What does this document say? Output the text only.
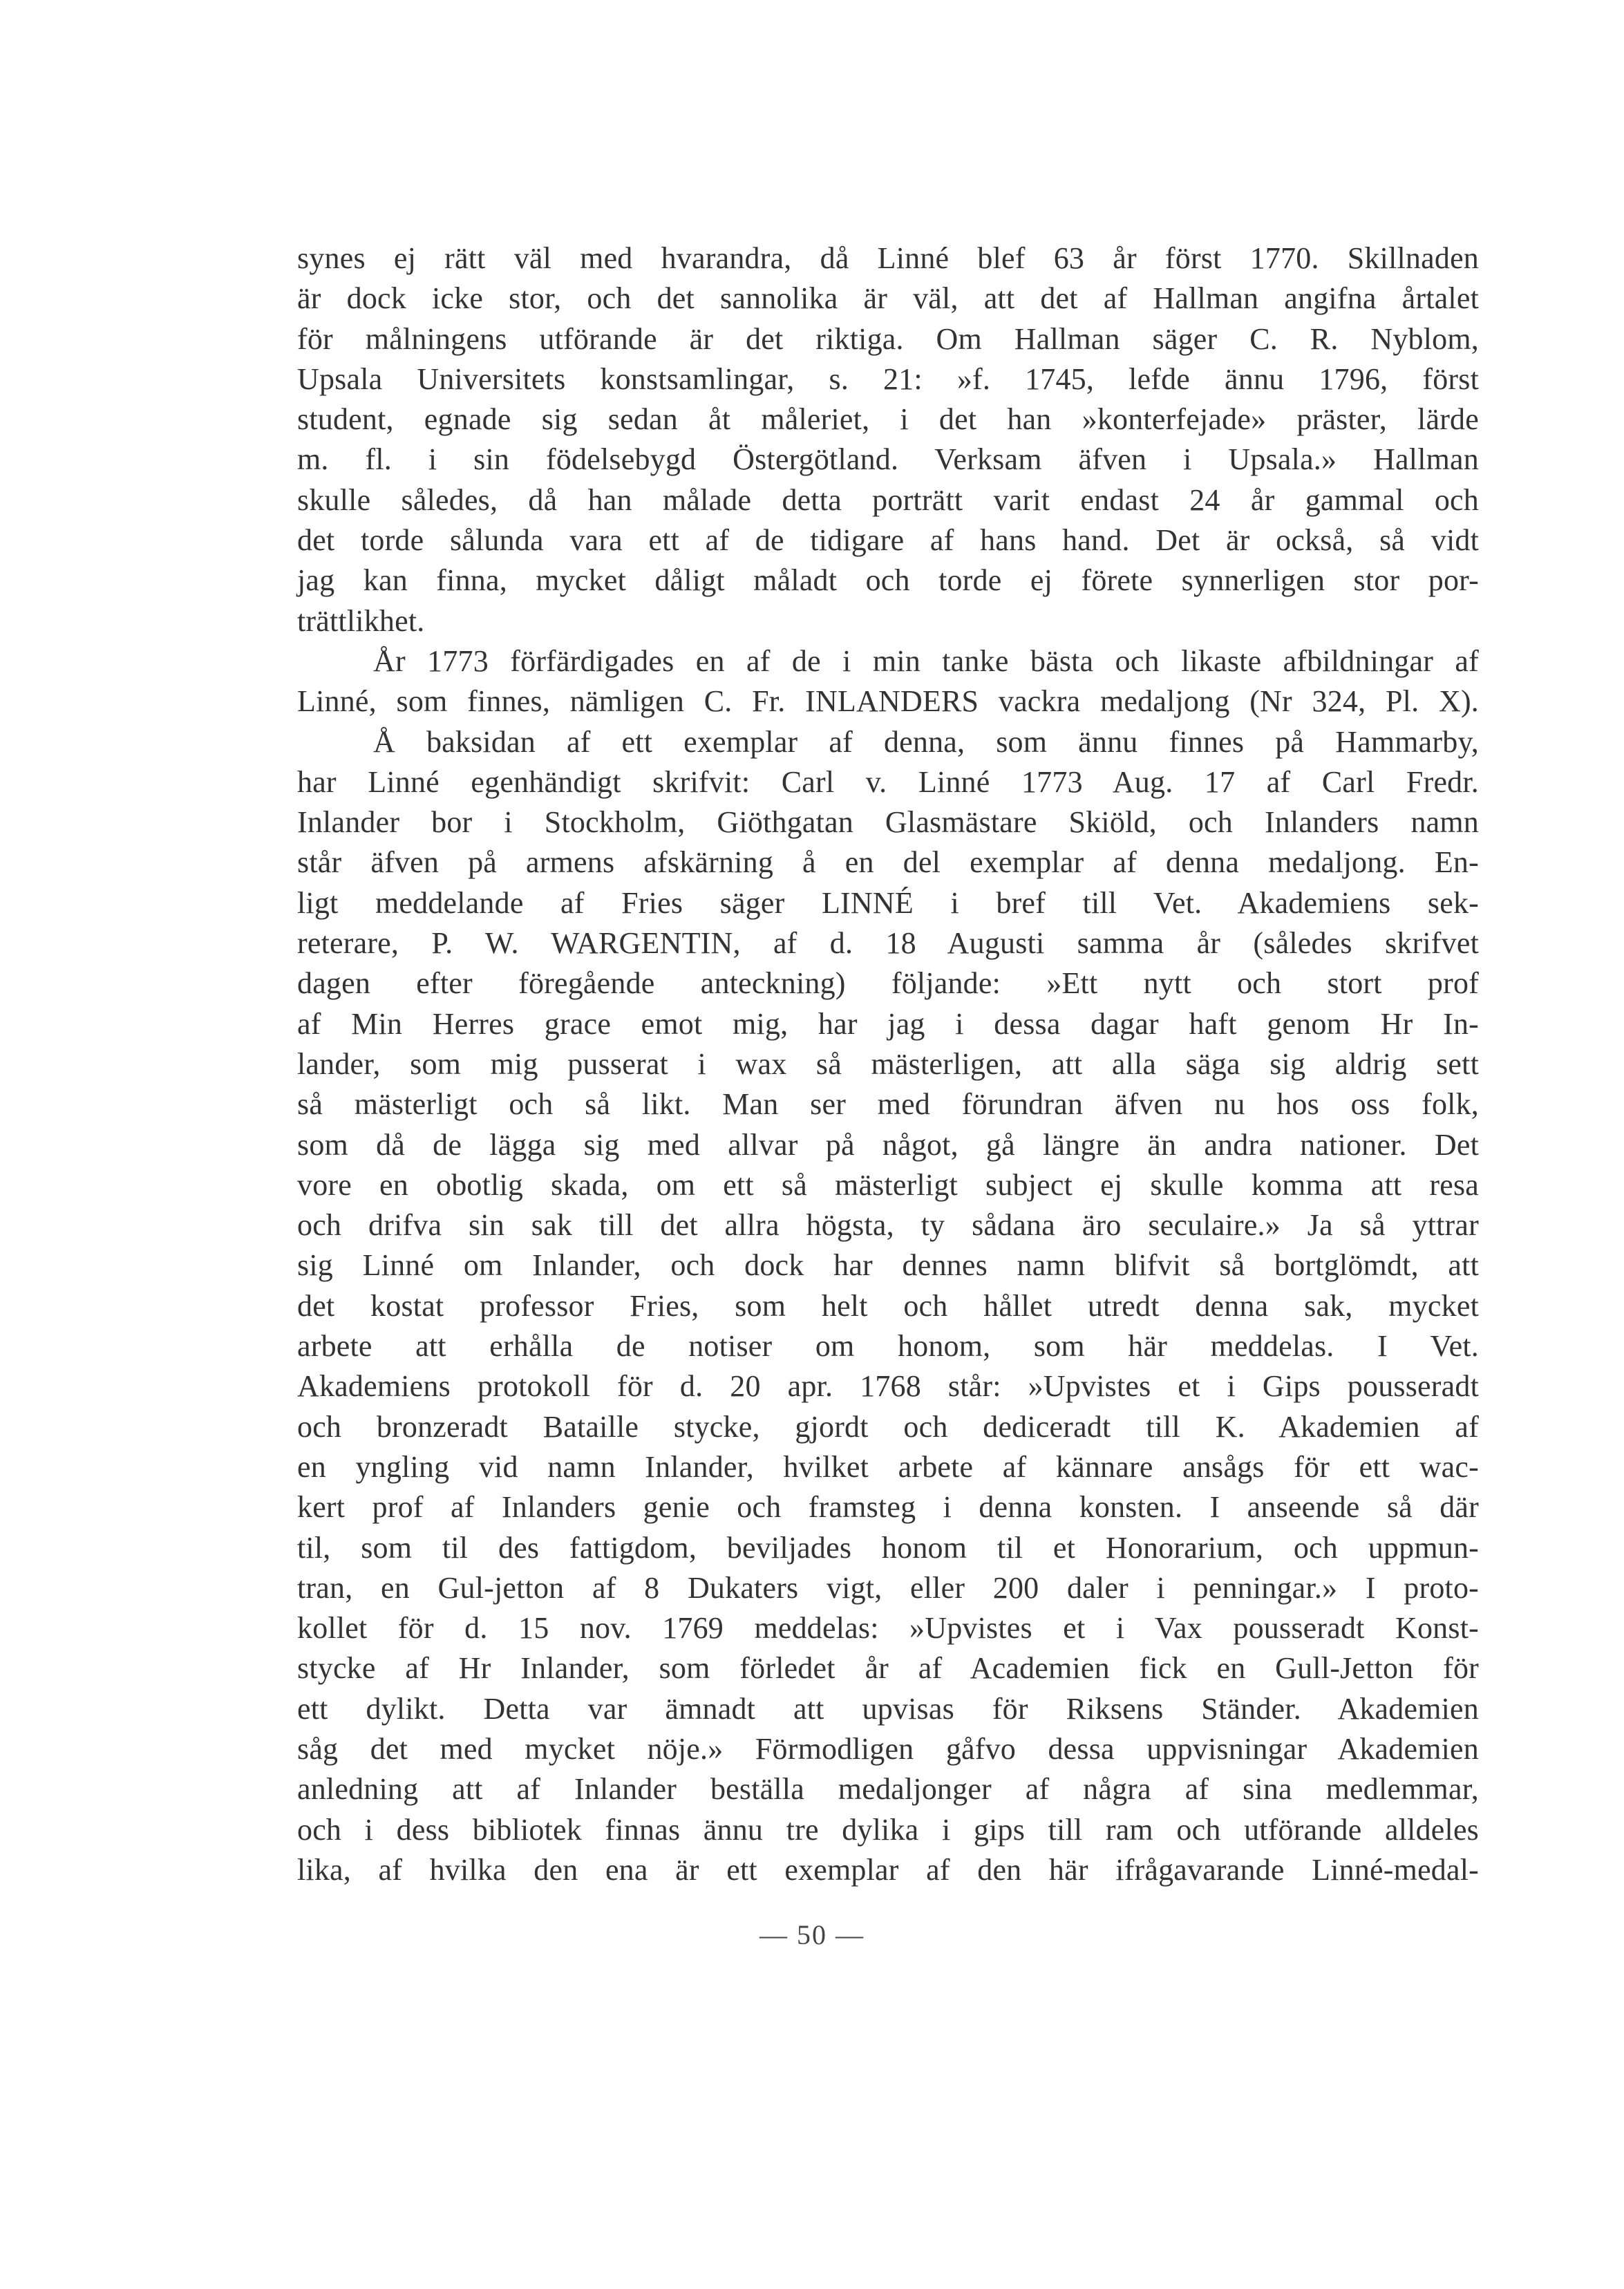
synes ej rätt väl med hvarandra, då Linné blef 63 år först 1770. Skillnaden
är dock icke stor, och det sannolika är väl, att det af Hallman angifna årtalet
för målningens utförande är det riktiga. Om Hallman säger C. R. Nyblom,
Upsala Universitets konstsamlingar, s. 21: »f. 1745, lefde ännu 1796, först
student, egnade sig sedan åt måleriet, i det han »konterfejade» präster, lärde
m. fl. i sin födelsebygd Östergötland. Verksam äfven i Upsala.» Hallman
skulle således, då han målade detta porträtt varit endast 24 år gammal och
det torde sålunda vara ett af de tidigare af hans hand. Det är också, så vidt
jag kan finna, mycket dåligt måladt och torde ej förete synnerligen stor por-
trättlikhet.
År 1773 förfärdigades en af de i min tanke bästa och likaste afbildningar af
Linné, som finnes, nämligen C. Fr. INLANDERS vackra medaljong (Nr 324, Pl. X).
Å baksidan af ett exemplar af denna, som ännu finnes på Hammarby,
har Linné egenhändigt skrifvit: Carl v. Linné 1773 Aug. 17 af Carl Fredr.
Inlander bor i Stockholm, Giöthgatan Glasmästare Skiöld, och Inlanders namn
står äfven på armens afskärning å en del exemplar af denna medaljong. En-
ligt meddelande af Fries säger LINNÉ i bref till Vet. Akademiens sek-
reterare, P. W. WARGENTIN, af d. 18 Augusti samma år (således skrifvet
dagen efter föregående anteckning) följande: »Ett nytt och stort prof
af Min Herres grace emot mig, har jag i dessa dagar haft genom Hr In-
lander, som mig pusserat i wax så mästerligen, att alla säga sig aldrig sett
så mästerligt och så likt. Man ser med förundran äfven nu hos oss folk,
som då de lägga sig med allvar på något, gå längre än andra nationer. Det
vore en obotlig skada, om ett så mästerligt subject ej skulle komma att resa
och drifva sin sak till det allra högsta, ty sådana äro seculaire.» Ja så yttrar
sig Linné om Inlander, och dock har dennes namn blifvit så bortglömdt, att
det kostat professor Fries, som helt och hållet utredt denna sak, mycket
arbete att erhålla de notiser om honom, som här meddelas. I Vet.
Akademiens protokoll för d. 20 apr. 1768 står: »Upvistes et i Gips pousseradt
och bronzeradt Bataille stycke, gjordt och dediceradt till K. Akademien af
en yngling vid namn Inlander, hvilket arbete af kännare ansågs för ett wac-
kert prof af Inlanders genie och framsteg i denna konsten. I anseende så där
til, som til des fattigdom, beviljades honom til et Honorarium, och uppmun-
tran, en Gul-jetton af 8 Dukaters vigt, eller 200 daler i penningar.» I proto-
kollet för d. 15 nov. 1769 meddelas: »Upvistes et i Vax pousseradt Konst-
stycke af Hr Inlander, som förledet år af Academien fick en Gull-Jetton för
ett dylikt. Detta var ämnadt att upvisas för Riksens Ständer. Akademien
såg det med mycket nöje.» Förmodligen gåfvo dessa uppvisningar Akademien
anledning att af Inlander beställa medaljonger af några af sina medlemmar,
och i dess bibliotek finnas ännu tre dylika i gips till ram och utförande alldeles
lika, af hvilka den ena är ett exemplar af den här ifrågavarande Linné-medal-
— 50 —
